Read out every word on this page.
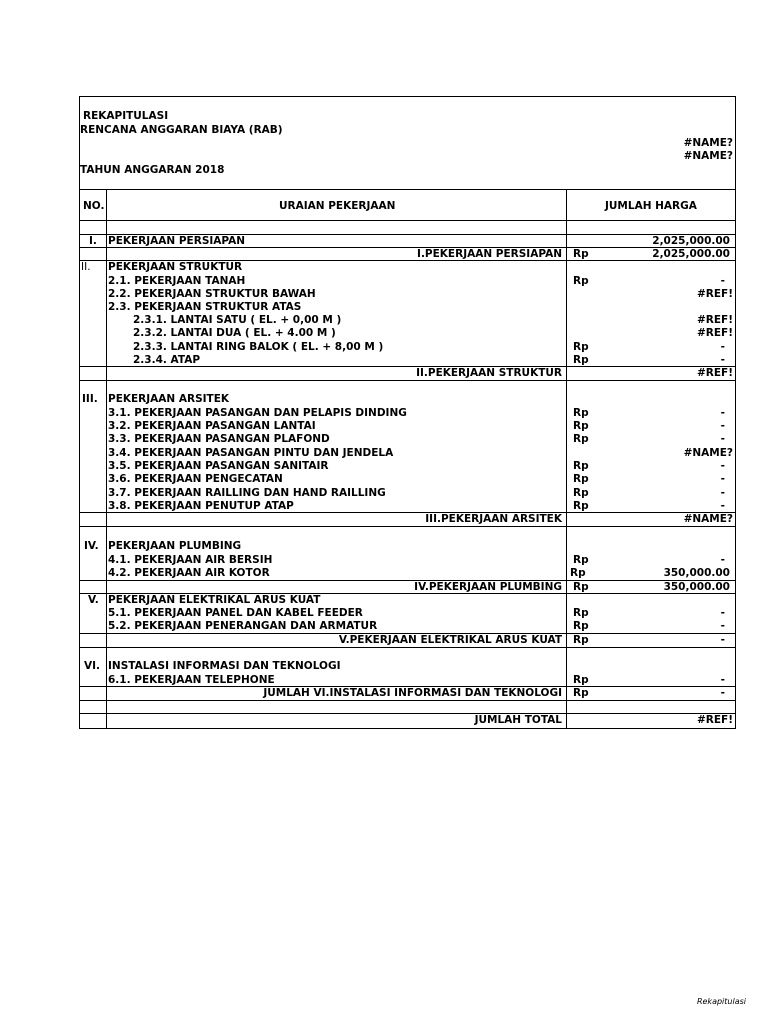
REKAPITULASI
RENCANA ANGGARAN BIAYA (RAB)
#NAME?
#NAME?
TAHUN ANGGARAN 2018
NO.	URAIAN PEKERJAAN	JUMLAH HARGA
I. PEKERJAAN PERSIAPAN	2,025,000.00
I.PEKERJAAN PERSIAPAN Rp	2,025,000.00
II. PEKERJAAN STRUKTUR
2.1. PEKERJAAN TANAH	Rp	-
2.2. PEKERJAAN STRUKTUR BAWAH	#REF!
2.3. PEKERJAAN STRUKTUR ATAS
2.3.1. LANTAI SATU ( EL. + 0,00 M )	#REF!
2.3.2. LANTAI DUA ( EL. + 4.00 M )	#REF!
2.3.3. LANTAI RING BALOK ( EL. + 8,00 M )	Rp	-
2.3.4. ATAP	Rp	-
II.PEKERJAAN STRUKTUR	#REF!
III. PEKERJAAN ARSITEK
3.1. PEKERJAAN PASANGAN DAN PELAPIS DINDING	Rp	-
3.2. PEKERJAAN PASANGAN LANTAI	Rp	-
3.3. PEKERJAAN PASANGAN PLAFOND	Rp	-
3.4. PEKERJAAN PASANGAN PINTU DAN JENDELA	#NAME?
3.5. PEKERJAAN PASANGAN SANITAIR	Rp	-
3.6. PEKERJAAN PENGECATAN	Rp	-
3.7. PEKERJAAN RAILLING DAN HAND RAILLING	Rp	-
3.8. PEKERJAAN PENUTUP ATAP	Rp	-
III.PEKERJAAN ARSITEK	#NAME?
IV. PEKERJAAN PLUMBING
4.1. PEKERJAAN AIR BERSIH	Rp	-
4.2. PEKERJAAN AIR KOTOR	Rp	350,000.00
IV.PEKERJAAN PLUMBING Rp	350,000.00
V. PEKERJAAN ELEKTRIKAL ARUS KUAT
5.1. PEKERJAAN PANEL DAN KABEL FEEDER	Rp	-
5.2. PEKERJAAN PENERANGAN DAN ARMATUR	Rp	-
V.PEKERJAAN ELEKTRIKAL ARUS KUAT Rp	-
VI. INSTALASI INFORMASI DAN TEKNOLOGI
6.1. PEKERJAAN TELEPHONE	Rp	-
JUMLAH VI.INSTALASI INFORMASI DAN TEKNOLOGI Rp	-
JUMLAH TOTAL	#REF!
Rekapitulasi
